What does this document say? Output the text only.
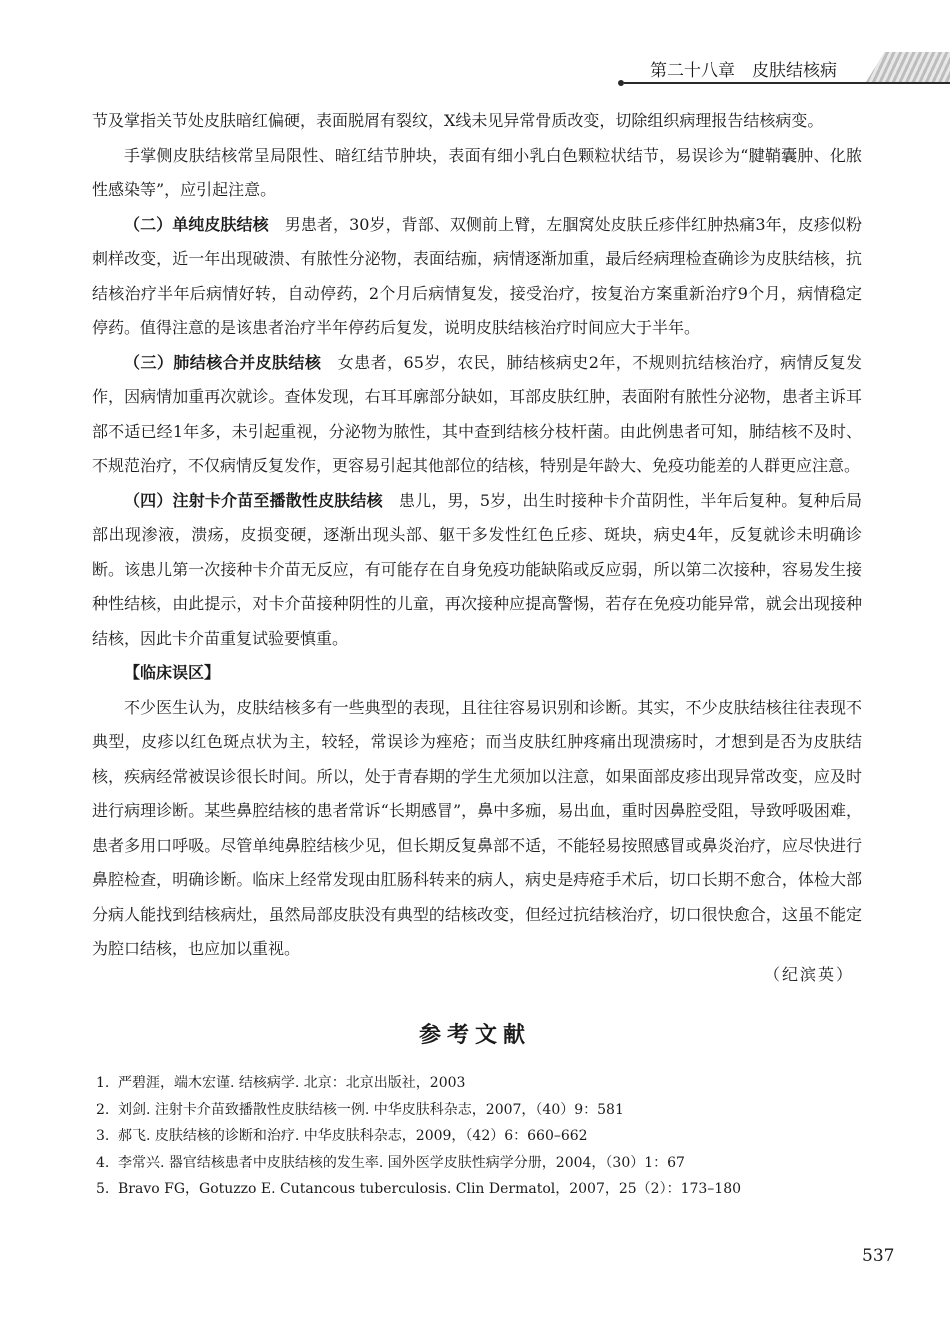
第二十八章　皮肤结核病

节及掌指关节处皮肤暗红偏硬，表面脱屑有裂纹，X线未见异常骨质改变，切除组织病理报告结核病变。

手掌侧皮肤结核常呈局限性、暗红结节肿块，表面有细小乳白色颗粒状结节，易误诊为“腱鞘囊肿、化脓性感染等”，应引起注意。

（二）单纯皮肤结核　 男患者，30岁，背部、双侧前上臂，左腘窝处皮肤丘疹伴红肿热痛3年，皮疹似粉刺样改变，近一年出现破溃、有脓性分泌物，表面结痂，病情逐渐加重，最后经病理检查确诊为皮肤结核，抗结核治疗半年后病情好转，自动停药，2个月后病情复发，接受治疗，按复治方案重新治疗9个月，病情稳定停药。值得注意的是该患者治疗半年停药后复发，说明皮肤结核治疗时间应大于半年。

（三）肺结核合并皮肤结核　 女患者，65岁，农民，肺结核病史2年，不规则抗结核治疗，病情反复发作，因病情加重再次就诊。查体发现，右耳耳廓部分缺如，耳部皮肤红肿，表面附有脓性分泌物，患者主诉耳部不适已经1年多，未引起重视，分泌物为脓性，其中查到结核分枝杆菌。由此例患者可知，肺结核不及时、不规范治疗，不仅病情反复发作，更容易引起其他部位的结核，特别是年龄大、免疫功能差的人群更应注意。

（四）注射卡介苗至播散性皮肤结核　 患儿，男，5岁，出生时接种卡介苗阴性，半年后复种。复种后局部出现渗液，溃疡，皮损变硬，逐渐出现头部、躯干多发性红色丘疹、斑块，病史4年，反复就诊未明确诊断。该患儿第一次接种卡介苗无反应，有可能存在自身免疫功能缺陷或反应弱，所以第二次接种，容易发生接种性结核，由此提示，对卡介苗接种阴性的儿童，再次接种应提高警惕，若存在免疫功能异常，就会出现接种结核，因此卡介苗重复试验要慎重。

【临床误区】

不少医生认为，皮肤结核多有一些典型的表现，且往往容易识别和诊断。其实，不少皮肤结核往往表现不典型，皮疹以红色斑点状为主，较轻，常误诊为痤疮；而当皮肤红肿疼痛出现溃疡时，才想到是否为皮肤结核，疾病经常被误诊很长时间。所以，处于青春期的学生尤须加以注意，如果面部皮疹出现异常改变，应及时进行病理诊断。某些鼻腔结核的患者常诉“长期感冒”，鼻中多痂，易出血，重时因鼻腔受阻，导致呼吸困难，患者多用口呼吸。尽管单纯鼻腔结核少见，但长期反复鼻部不适，不能轻易按照感冒或鼻炎治疗，应尽快进行鼻腔检查，明确诊断。临床上经常发现由肛肠科转来的病人，病史是痔疮手术后，切口长期不愈合，体检大部分病人能找到结核病灶，虽然局部皮肤没有典型的结核改变，但经过抗结核治疗，切口很快愈合，这虽不能定为腔口结核，也应加以重视。

（纪滨英）
参考文献
1. 严碧涯，端木宏谨. 结核病学. 北京：北京出版社，2003
2. 刘剑. 注射卡介苗致播散性皮肤结核一例. 中华皮肤科杂志，2007，（40）9：581
3. 郝飞. 皮肤结核的诊断和治疗. 中华皮肤科杂志，2009，（42）6：660–662
4. 李常兴. 器官结核患者中皮肤结核的发生率. 国外医学皮肤性病学分册，2004，（30）1：67
5. Bravo FG，Gotuzzo E. Cutancous tuberculosis. Clin Dermatol，2007，25（2）：173–180
537
